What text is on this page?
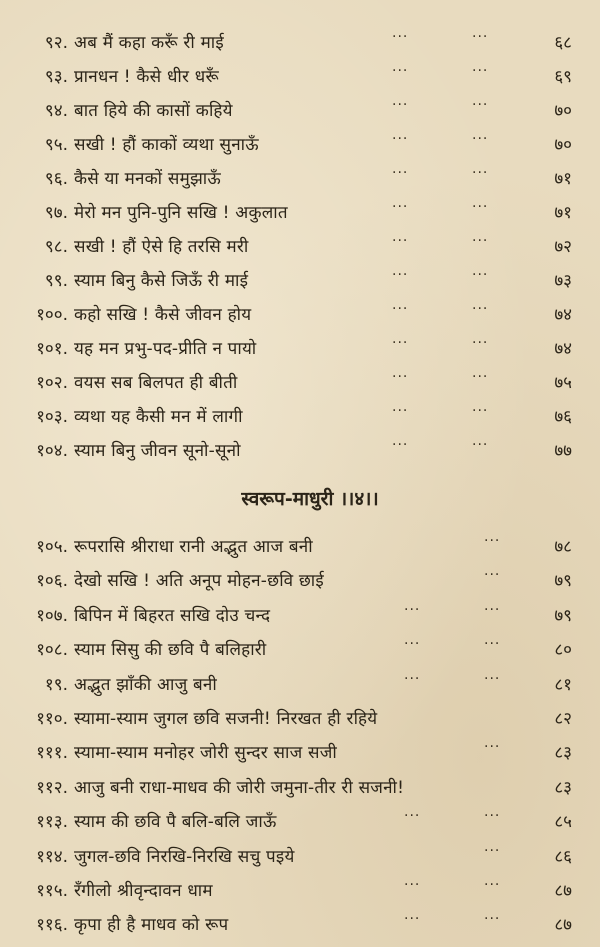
९२. अब मैं कहा करूँ री माई	···	···	६८
९३. प्रानधन ! कैसे धीर धरूँ	···	···	६९
९४. बात हिये की कासों कहिये	···	···	७०
९५. सखी ! हौं काकों व्यथा सुनाऊँ	···	···	७०
९६. कैसे या मनकों समुझाऊँ	···	···	७१
९७. मेरो मन पुनि-पुनि सखि ! अकुलात	···	···	७१
९८. सखी ! हौं ऐसे हि तरसि मरी	···	···	७२
९९. स्याम बिनु कैसे जिऊँ री माई	···	···	७३
१००. कहो सखि ! कैसे जीवन होय	···	···	७४
१०१. यह मन प्रभु-पद-प्रीति न पायो	···	···	७४
१०२. वयस सब बिलपत ही बीती	···	···	७५
१०३. व्यथा यह कैसी मन में लागी	···	···	७६
१०४. स्याम बिनु जीवन सूनो-सूनो	···	···	७७
स्वरूप-माधुरी ।।४।।
१०५. रूपरासि श्रीराधा रानी अद्भुत आज बनी	···	७८
१०६. देखो सखि ! अति अनूप मोहन-छवि छाई	···	७९
१०७. बिपिन में बिहरत सखि दोउ चन्द	···	···	७९
१०८. स्याम सिसु की छवि पै बलिहारी	···	···	८०
१९. अद्भुत झाँकी आजु बनी	···	···	८१
११०. स्यामा-स्याम जुगल छवि सजनी! निरखत ही रहिये	८२
१११. स्यामा-स्याम मनोहर जोरी सुन्दर साज सजी	···	८३
११२. आजु बनी राधा-माधव की जोरी जमुना-तीर री सजनी!	८३
११३. स्याम की छवि पै बलि-बलि जाऊँ	···	···	८५
११४. जुगल-छवि निरखि-निरखि सचु पइये	···	८६
११५. रँगीलो श्रीवृन्दावन धाम	···	···	८७
११६. कृपा ही है माधव को रूप	···	···	८७
